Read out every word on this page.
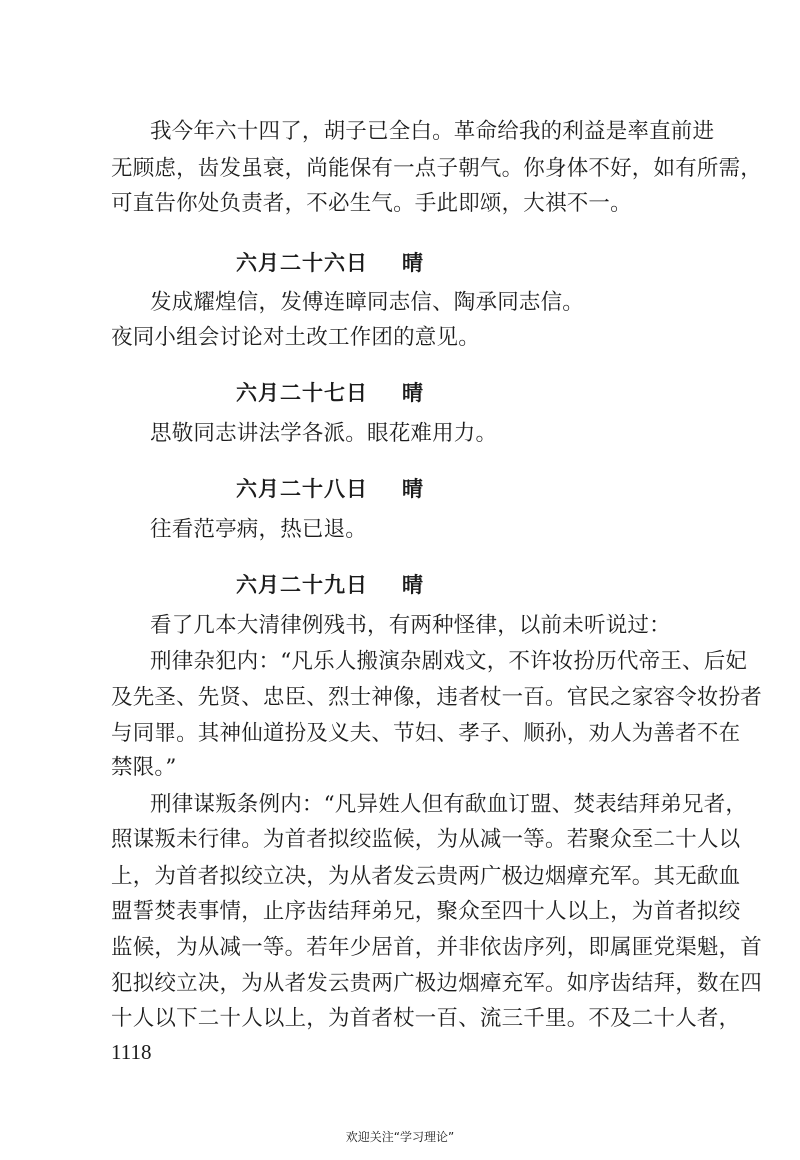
我今年六十四了，胡子已全白。革命给我的利益是率直前进
无顾虑，齿发虽衰，尚能保有一点子朝气。你身体不好，如有所需，
可直告你处负责者，不必生气。手此即颂，大祺不一。
六月二十六日 晴
发成耀煌信，发傅连暲同志信、陶承同志信。
夜同小组会讨论对土改工作团的意见。
六月二十七日 晴
思敬同志讲法学各派。眼花难用力。
六月二十八日 晴
往看范亭病，热已退。
六月二十九日 晴
看了几本大清律例残书，有两种怪律，以前未听说过：
刑律杂犯内：“凡乐人搬演杂剧戏文，不许妆扮历代帝王、后妃
及先圣、先贤、忠臣、烈士神像，违者杖一百。官民之家容令妆扮者
与同罪。其神仙道扮及义夫、节妇、孝子、顺孙，劝人为善者不在
禁限。”
刑律谋叛条例内：“凡异姓人但有歃血订盟、焚表结拜弟兄者，
照谋叛未行律。为首者拟绞监候，为从减一等。若聚众至二十人以
上，为首者拟绞立决，为从者发云贵两广极边烟瘴充军。其无歃血
盟誓焚表事情，止序齿结拜弟兄，聚众至四十人以上，为首者拟绞
监候，为从减一等。若年少居首，并非依齿序列，即属匪党渠魁，首
犯拟绞立决，为从者发云贵两广极边烟瘴充军。如序齿结拜，数在四
十人以下二十人以上，为首者杖一百、流三千里。不及二十人者，
1118
欢迎关注“学习理论”
